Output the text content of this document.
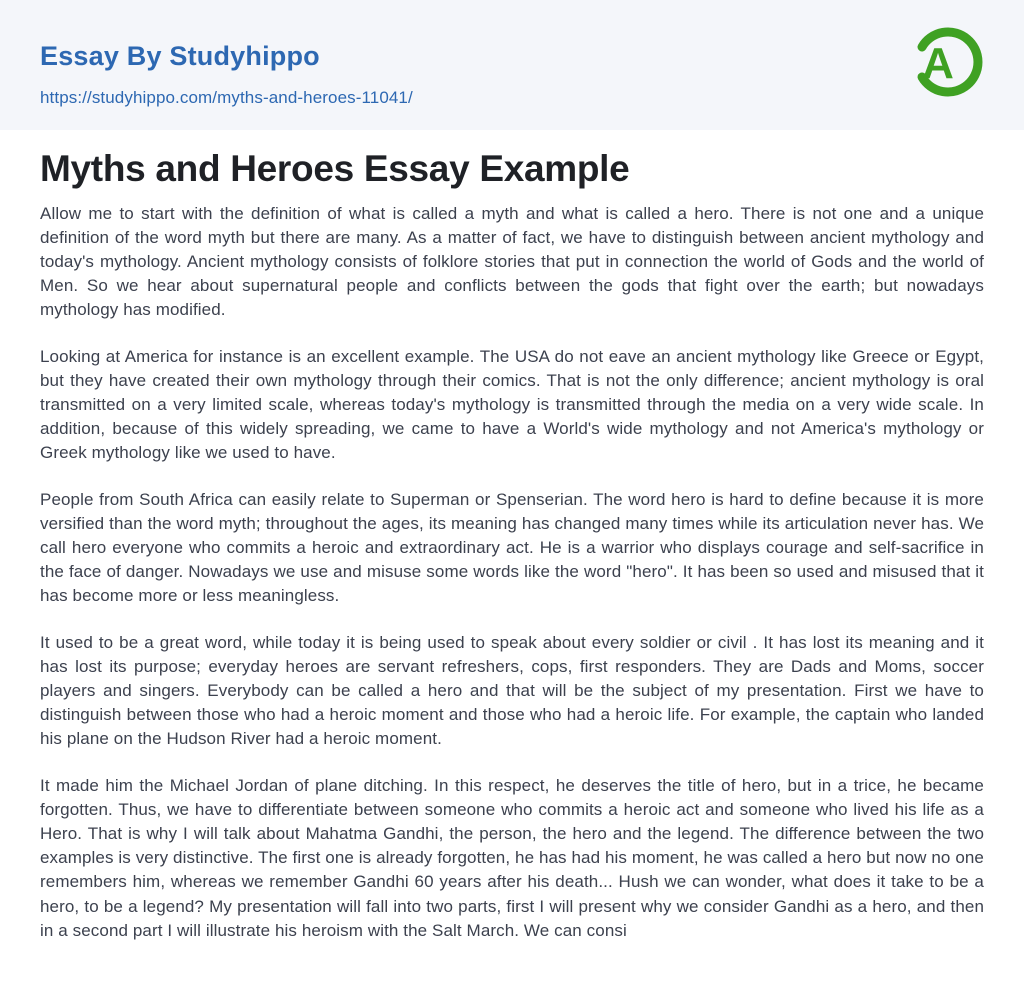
Essay By Studyhippo
https://studyhippo.com/myths-and-heroes-11041/
A
Myths and Heroes Essay Example

Allow me to start with the definition of what is called a myth and what is called a hero. There is not one and a unique definition of the word myth but there are many. As a matter of fact, we have to distinguish between ancient mythology and today's mythology. Ancient mythology consists of folklore stories that put in connection the world of Gods and the world of Men. So we hear about supernatural people and conflicts between the gods that fight over the earth; but nowadays mythology has modified.

Looking at America for instance is an excellent example. The USA do not eave an ancient mythology like Greece or Egypt, but they have created their own mythology through their comics. That is not the only difference; ancient mythology is oral transmitted on a very limited scale, whereas today's mythology is transmitted through the media on a very wide scale. In addition, because of this widely spreading, we came to have a World's wide mythology and not America's mythology or Greek mythology like we used to have.

People from South Africa can easily relate to Superman or Spenserian. The word hero is hard to define because it is more versified than the word myth; throughout the ages, its meaning has changed many times while its articulation never has. We call hero everyone who commits a heroic and extraordinary act. He is a warrior who displays courage and self-sacrifice in the face of danger. Nowadays we use and misuse some words like the word "hero". It has been so used and misused that it has become more or less meaningless.

It used to be a great word, while today it is being used to speak about every soldier or civil . It has lost its meaning and it has lost its purpose; everyday heroes are servant refreshers, cops, first responders. They are Dads and Moms, soccer players and singers. Everybody can be called a hero and that will be the subject of my presentation. First we have to distinguish between those who had a heroic moment and those who had a heroic life. For example, the captain who landed his plane on the Hudson River had a heroic moment.

It made him the Michael Jordan of plane ditching. In this respect, he deserves the title of hero, but in a trice, he became forgotten. Thus, we have to differentiate between someone who commits a heroic act and someone who lived his life as a Hero. That is why I will talk about Mahatma Gandhi, the person, the hero and the legend. The difference between the two examples is very distinctive. The first one is already forgotten, he has had his moment, he was called a hero but now no one remembers him, whereas we remember Gandhi 60 years after his death... Hush we can wonder, what does it take to be a hero, to be a legend? My presentation will fall into two parts, first I will present why we consider Gandhi as a hero, and then in a second part I will illustrate his heroism with the Salt March. We can consi
